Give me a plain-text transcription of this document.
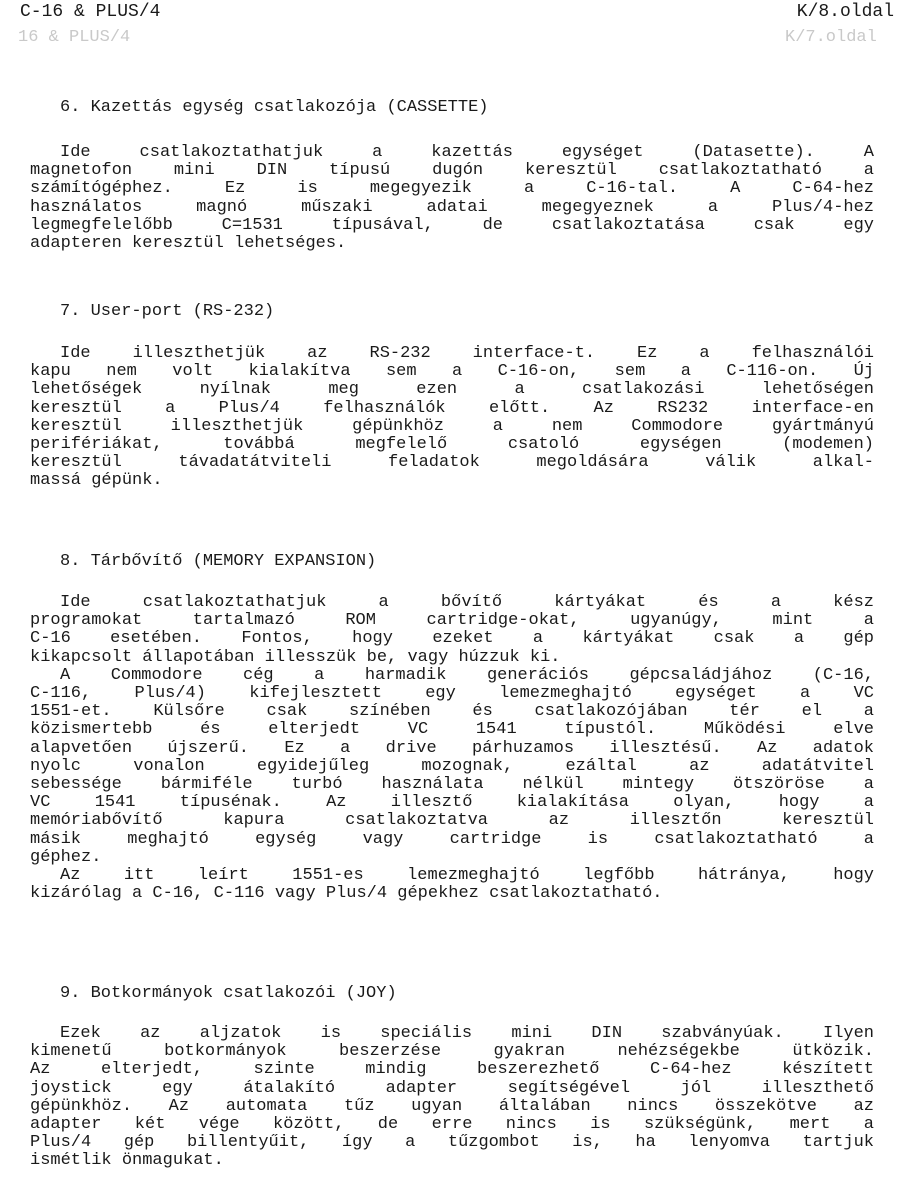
C-16 & PLUS/4	K/8.oldal
16 & PLUS/4	K/7.oldal
6. Kazettás egység csatlakozója (CASSETTE)
Ide csatlakoztathatjuk a kazettás egységet (Datasette). A
magnetofon mini DIN típusú dugón keresztül csatlakoztatható a
számítógéphez. Ez is megegyezik a C-16-tal. A C-64-hez
használatos magnó műszaki adatai megegyeznek a Plus/4-hez
legmegfelelőbb C=1531 típusával, de csatlakoztatása csak egy
adapteren keresztül lehetséges.
7. User-port (RS-232)
Ide illeszthetjük az RS-232 interface-t. Ez a felhasználói
kapu nem volt kialakítva sem a C-16-on, sem a C-116-on. Új
lehetőségek nyílnak meg ezen a csatlakozási lehetőségen
keresztül a Plus/4 felhasználók előtt. Az RS232 interface-en
keresztül illeszthetjük gépünkhöz a nem Commodore gyártmányú
perifériákat, továbbá megfelelő csatoló egységen (modemen)
keresztül távadatátviteli feladatok megoldására válik alkal-
massá gépünk.
8. Tárbővítő (MEMORY EXPANSION)
Ide csatlakoztathatjuk a bővítő kártyákat és a kész
programokat tartalmazó ROM cartridge-okat, ugyanúgy, mint a
C-16 esetében. Fontos, hogy ezeket a kártyákat csak a gép
kikapcsolt állapotában illesszük be, vagy húzzuk ki.
A Commodore cég a harmadik generációs gépcsaládjához (C-16,
C-116, Plus/4) kifejlesztett egy lemezmeghajtó egységet a VC
1551-et. Külsőre csak színében és csatlakozójában tér el a
közismertebb és elterjedt VC 1541 típustól. Működési elve
alapvetően újszerű. Ez a drive párhuzamos illesztésű. Az adatok
nyolc vonalon egyidejűleg mozognak, ezáltal az adatátvitel
sebessége bármiféle turbó használata nélkül mintegy ötszöröse a
VC 1541 típusénak. Az illesztő kialakítása olyan, hogy a
memóriabővítő kapura csatlakoztatva az illesztőn keresztül
másik meghajtó egység vagy cartridge is csatlakoztatható a
géphez.
Az itt leírt 1551-es lemezmeghajtó legfőbb hátránya, hogy
kizárólag a C-16, C-116 vagy Plus/4 gépekhez csatlakoztatható.
9. Botkormányok csatlakozói (JOY)
Ezek az aljzatok is speciális mini DIN szabványúak. Ilyen
kimenetű botkormányok beszerzése gyakran nehézségekbe ütközik.
Az elterjedt, szinte mindig beszerezhető C-64-hez készített
joystick egy átalakító adapter segítségével jól illeszthető
gépünkhöz. Az automata tűz ugyan általában nincs összekötve az
adapter két vége között, de erre nincs is szükségünk, mert a
Plus/4 gép billentyűit, így a tűzgombot is, ha lenyomva tartjuk
ismétlik önmagukat.
